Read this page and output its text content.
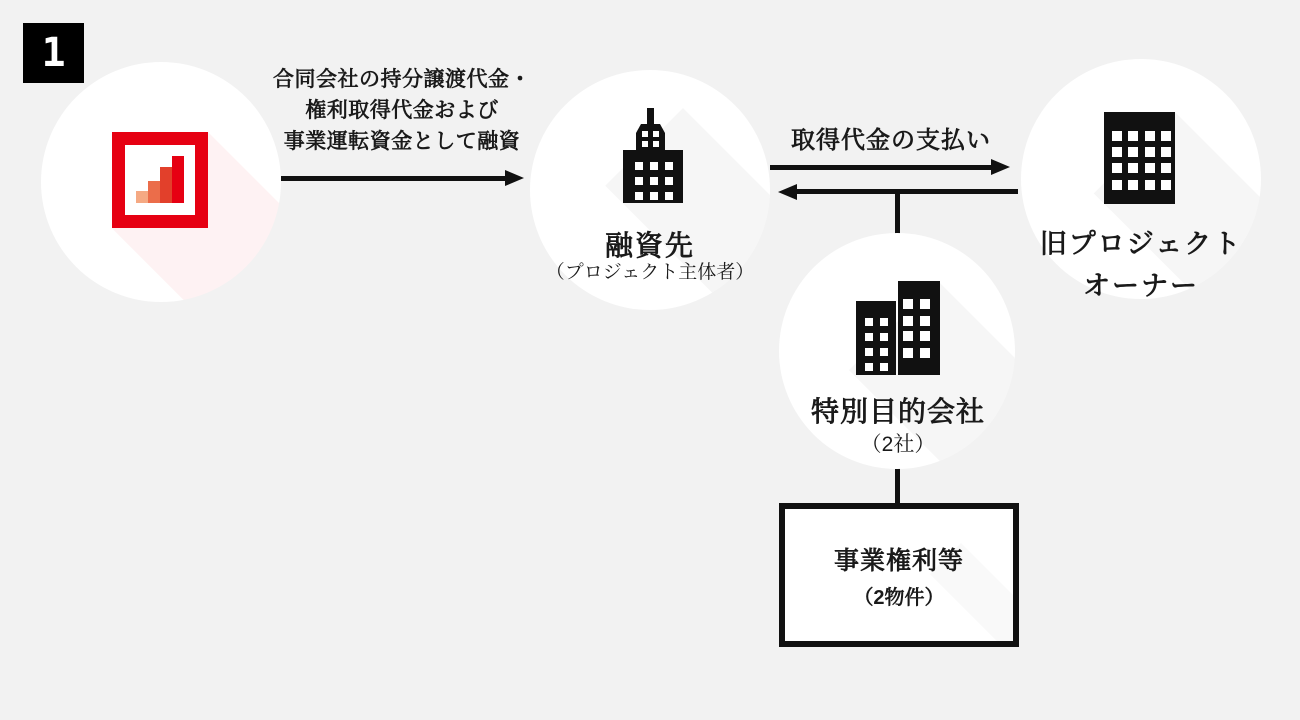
1
合同会社の持分譲渡代金・
権利取得代金および
事業運転資金として融資
融資先
（プロジェクト主体者）
取得代金の支払い
旧プロジェクト
オーナー
特別目的会社
（2社）
事業権利等
（2物件）
